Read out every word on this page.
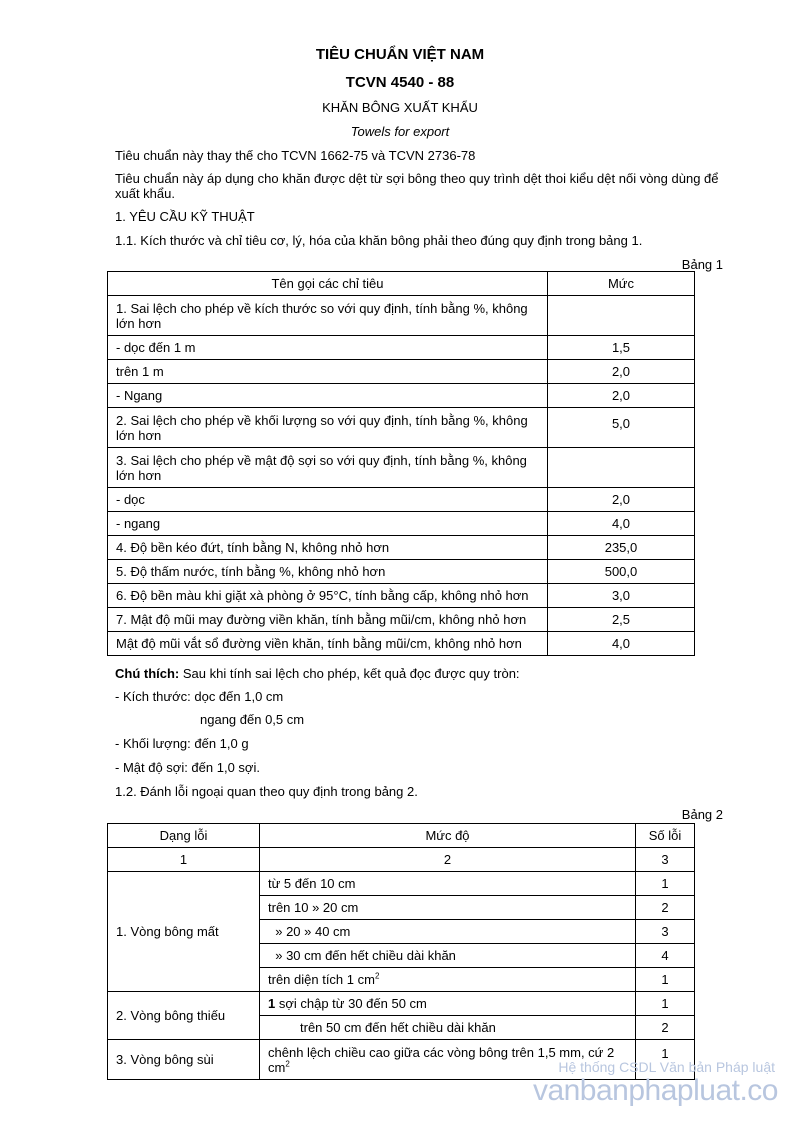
TIÊU CHUẨN VIỆT NAM
TCVN 4540 - 88
KHĂN BÔNG XUẤT KHẨU
Towels for export
Tiêu chuẩn này thay thế cho TCVN 1662-75 và TCVN 2736-78
Tiêu chuẩn này áp dụng cho khăn được dệt từ sợi bông theo quy trình dệt thoi kiểu dệt nối vòng dùng để xuất khẩu.
1. YÊU CẦU KỸ THUẬT
1.1. Kích thước và chỉ tiêu cơ, lý, hóa của khăn bông phải theo đúng quy định trong bảng 1.
Bảng 1
Tên gọi các chỉ tiêu	Mức
1. Sai lệch cho phép về kích thước so với quy định, tính bằng %, không lớn hơn	
- dọc đến 1 m	1,5
trên 1 m	2,0
- Ngang	2,0
2. Sai lệch cho phép về khối lượng so với quy định, tính bằng %, không lớn hơn	5,0
3. Sai lệch cho phép về mật độ sợi so với quy định, tính bằng %, không lớn hơn	
- dọc	2,0
- ngang	4,0
4. Độ bền kéo đứt, tính bằng N, không nhỏ hơn	235,0
5. Độ thấm nước, tính bằng %, không nhỏ hơn	500,0
6. Độ bền màu khi giặt xà phòng ở 95°C, tính bằng cấp, không nhỏ hơn	3,0
7. Mật độ mũi may đường viền khăn, tính bằng mũi/cm, không nhỏ hơn	2,5
Mật độ mũi vắt sổ đường viền khăn, tính bằng mũi/cm, không nhỏ hơn	4,0
Chú thích: Sau khi tính sai lệch cho phép, kết quả đọc được quy tròn:
- Kích thước: dọc đến 1,0 cm
ngang đến 0,5 cm
- Khối lượng: đến 1,0 g
- Mật độ sợi: đến 1,0 sợi.
1.2. Đánh lỗi ngoại quan theo quy định trong bảng 2.
Bảng 2
Dạng lỗi	Mức độ	Số lỗi
1	2	3
1. Vòng bông mất	từ 5 đến 10 cm	1
	trên 10 » 20 cm	2
	» 20 » 40 cm	3
	» 30 cm đến hết chiều dài khăn	4
	trên diện tích 1 $cm^2$	1
2. Vòng bông thiếu	1 sợi chập từ 30 đến 50 cm	1
	trên 50 cm đến hết chiều dài khăn	2
3. Vòng bông sùi	chênh lệch chiều cao giữa các vòng bông trên 1,5 mm, cứ 2 $cm^2$	1
Hệ thống CSDL Văn bản Pháp luật
vanbanphapluat.co
